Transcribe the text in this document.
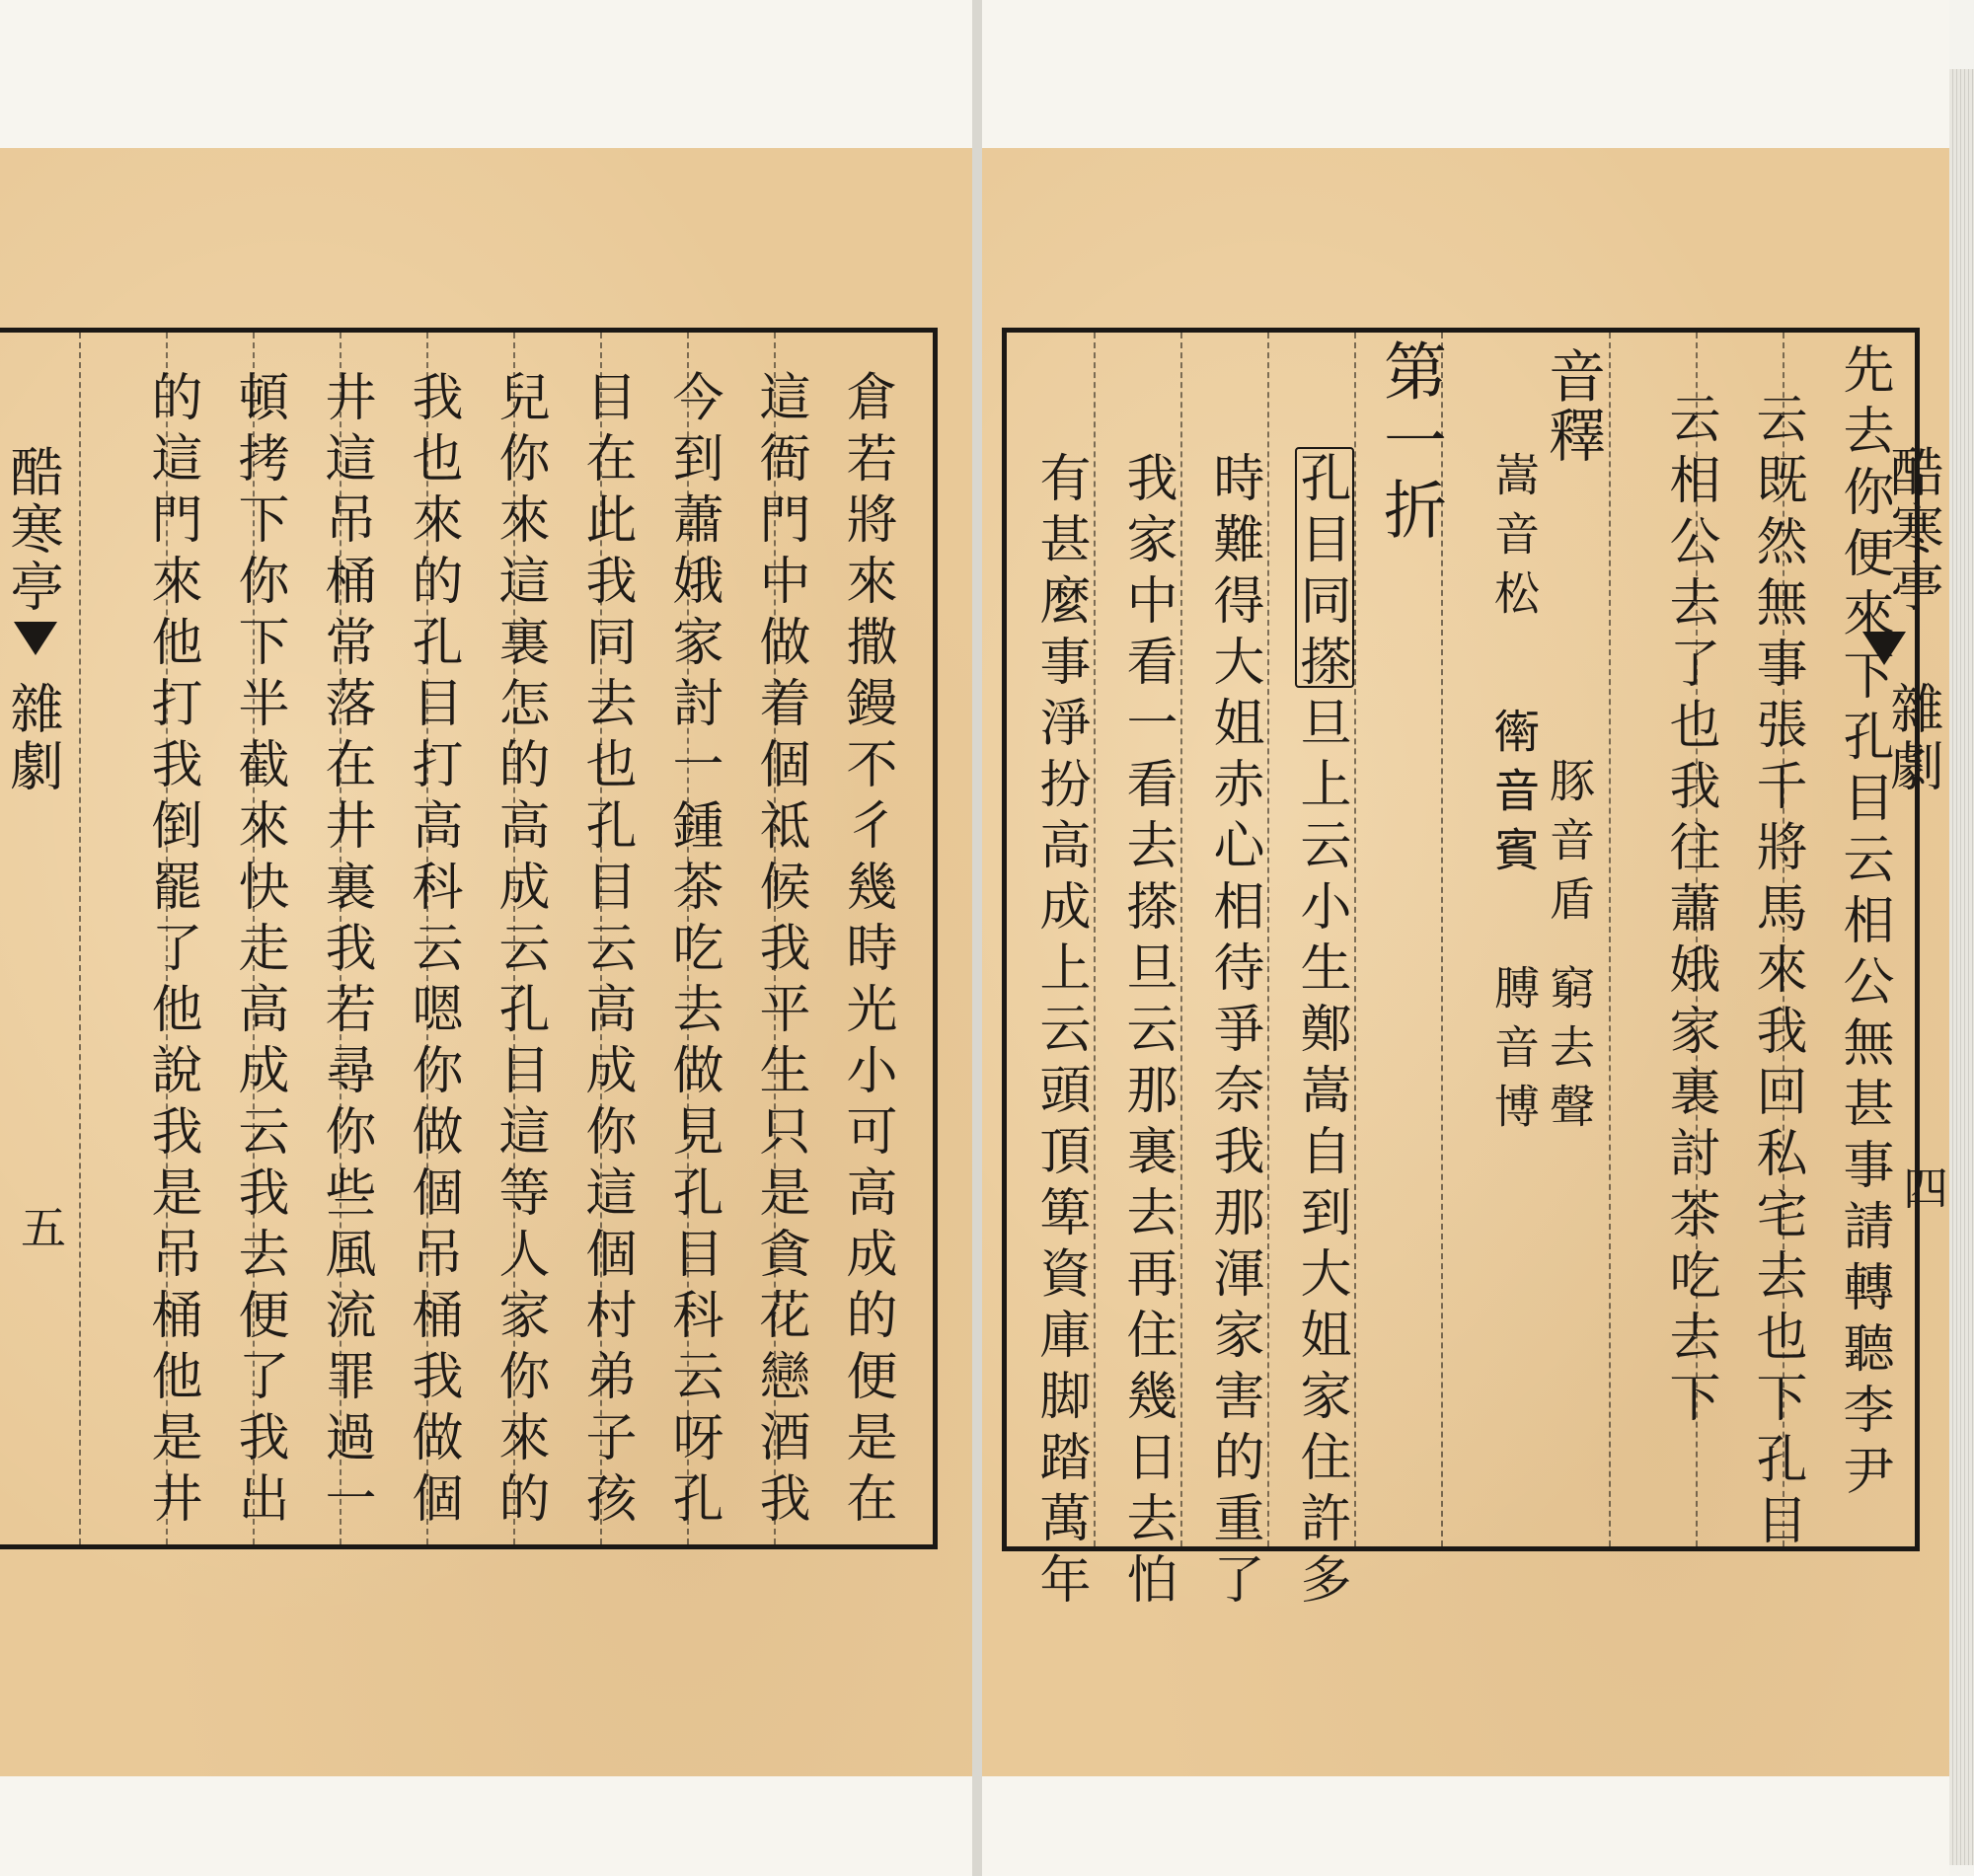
酷寒亭
雜劇
五	倉若將來撒鏝不彳幾時光小可高成的便是在
這衙門中做着個祗候我平生只是貪花戀酒我
今到蕭娥家討一鍾茶吃去做見孔目科云呀孔
目在此我同去也孔目云高成你這個村弟子孩
兒你來這裏怎的高成云孔目這等人家你來的
我也來的孔目打高科云嗯你做個吊桶我做個
井這吊桶常落在井裏我若尋你些風流罪過一
頓拷下你下半截來快走高成云我去便了我出
的這門來他打我倒罷了他說我是吊桶他是井	先去你便來下孔目云相公無甚事請轉聽李尹
云既然無事張千將馬來我回私宅去也下孔目
云相公去了也我往蕭娥家裏討茶吃去下
音釋
嵩音松
𧗿音賓 豚音盾
膊音博 窮去聲
第一折
孔目同搽旦上云小生鄭嵩自到大姐家住許多
時難得大姐赤心相待爭奈我那渾家害的重了
我家中看一看去搽旦云那裏去再住幾日去怕
有甚麼事淨扮高成上云頭頂箄資庫脚踏萬年	酷寒亭
雜劇
四
